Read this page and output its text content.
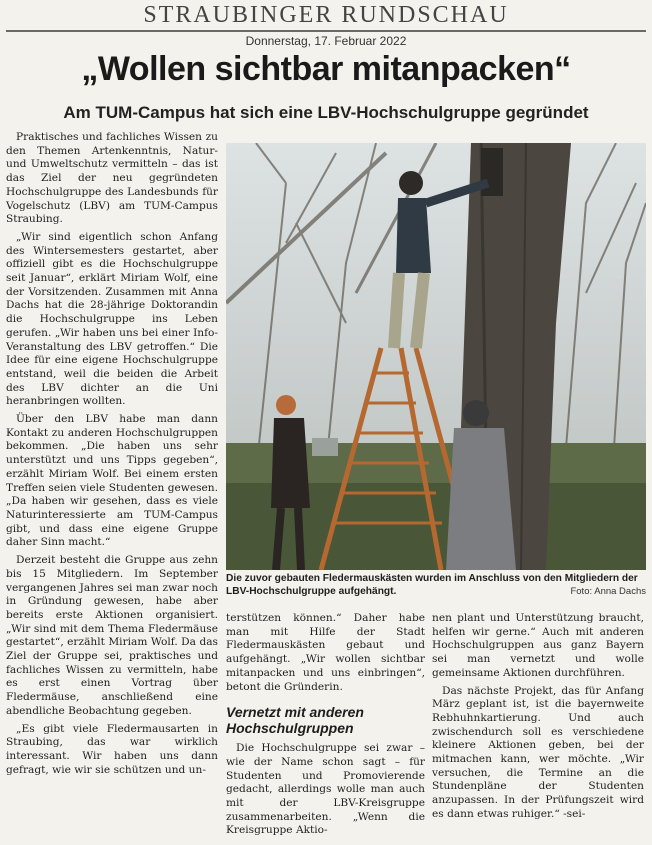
STRAUBINGER RUNDSCHAU
Donnerstag, 17. Februar 2022
„Wollen sichtbar mitanpacken“
Am TUM-Campus hat sich eine LBV-Hochschulgruppe gegründet

Praktisches und fachliches Wissen zu den Themen Artenkenntnis, Natur- und Umweltschutz vermitteln – das ist das Ziel der neu gegründeten Hochschulgruppe des Landesbunds für Vogelschutz (LBV) am TUM-Campus Straubing.

„Wir sind eigentlich schon Anfang des Wintersemesters gestartet, aber offiziell gibt es die Hochschulgruppe seit Januar“, erklärt Miriam Wolf, eine der Vorsitzenden. Zusammen mit Anna Dachs hat die 28-jährige Doktorandin die Hochschulgruppe ins Leben gerufen. „Wir haben uns bei einer Info-Veranstaltung des LBV getroffen.“ Die Idee für eine eigene Hochschulgruppe entstand, weil die beiden die Arbeit des LBV dichter an die Uni heranbringen wollten.

Über den LBV habe man dann Kontakt zu anderen Hochschulgruppen bekommen. „Die haben uns sehr unterstützt und uns Tipps gegeben“, erzählt Miriam Wolf. Bei einem ersten Treffen seien viele Studenten gewesen. „Da haben wir gesehen, dass es viele Naturinteressierte am TUM-Campus gibt, und dass eine eigene Gruppe daher Sinn macht.“

Derzeit besteht die Gruppe aus zehn bis 15 Mitgliedern. Im September vergangenen Jahres sei man zwar noch in Gründung gewesen, habe aber bereits erste Aktionen organisiert. „Wir sind mit dem Thema Fledermäuse gestartet“, erzählt Miriam Wolf. Da das Ziel der Gruppe sei, praktisches und fachliches Wissen zu vermitteln, habe es erst einen Vortrag über Fledermäuse, anschließend eine abendliche Beobachtung gegeben.

„Es gibt viele Fledermausarten in Straubing, das war wirklich interessant. Wir haben uns dann gefragt, wie wir sie schützen und un-

Die zuvor gebauten Fledermauskästen wurden im Anschluss von den Mitgliedern der LBV-Hochschulgruppe aufgehängt.	Foto: Anna Dachs

terstützen können.“ Daher habe man mit Hilfe der Stadt Fledermauskästen gebaut und aufgehängt. „Wir wollen sichtbar mitanpacken und uns einbringen“, betont die Gründerin.

Vernetzt mit anderen Hochschulgruppen

Die Hochschulgruppe sei zwar – wie der Name schon sagt – für Studenten und Promovierende gedacht, allerdings wolle man auch mit der LBV-Kreisgruppe zusammenarbeiten. „Wenn die Kreisgruppe Aktio-

nen plant und Unterstützung braucht, helfen wir gerne.“ Auch mit anderen Hochschulgruppen aus ganz Bayern sei man vernetzt und wolle gemeinsame Aktionen durchführen.

Das nächste Projekt, das für Anfang März geplant ist, ist die bayernweite Rebhuhnkartierung. Und auch zwischendurch soll es verschiedene kleinere Aktionen geben, bei der mitmachen kann, wer möchte. „Wir versuchen, die Termine an die Stundenpläne der Studenten anzupassen. In der Prüfungszeit wird es dann etwas ruhiger.“ -sei-
